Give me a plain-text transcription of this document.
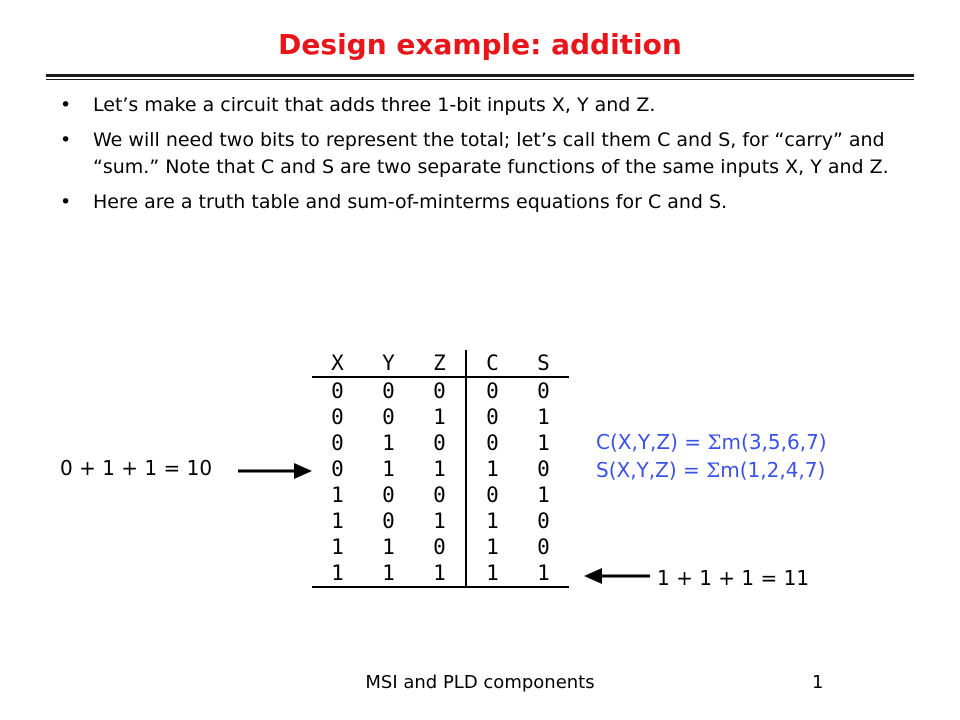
Design example: addition
• Let’s make a circuit that adds three 1-bit inputs X, Y and Z.
• We will need two bits to represent the total; let’s call them C and S, for “carry” and “sum.” Note that C and S are two separate functions of the same inputs X, Y and Z.
• Here are a truth table and sum-of-minterms equations for C and S.
X	Y	Z	C	S
0	0	0	0	0
0	0	1	0	1
0	1	0	0	1
0	1	1	1	0
1	0	0	0	1
1	0	1	1	0
1	1	0	1	0
1	1	1	1	1
C(X,Y,Z) = Σm(3,5,6,7)
S(X,Y,Z) = Σm(1,2,4,7)
0 + 1 + 1 = 10
1 + 1 + 1 = 11
MSI and PLD components	1
